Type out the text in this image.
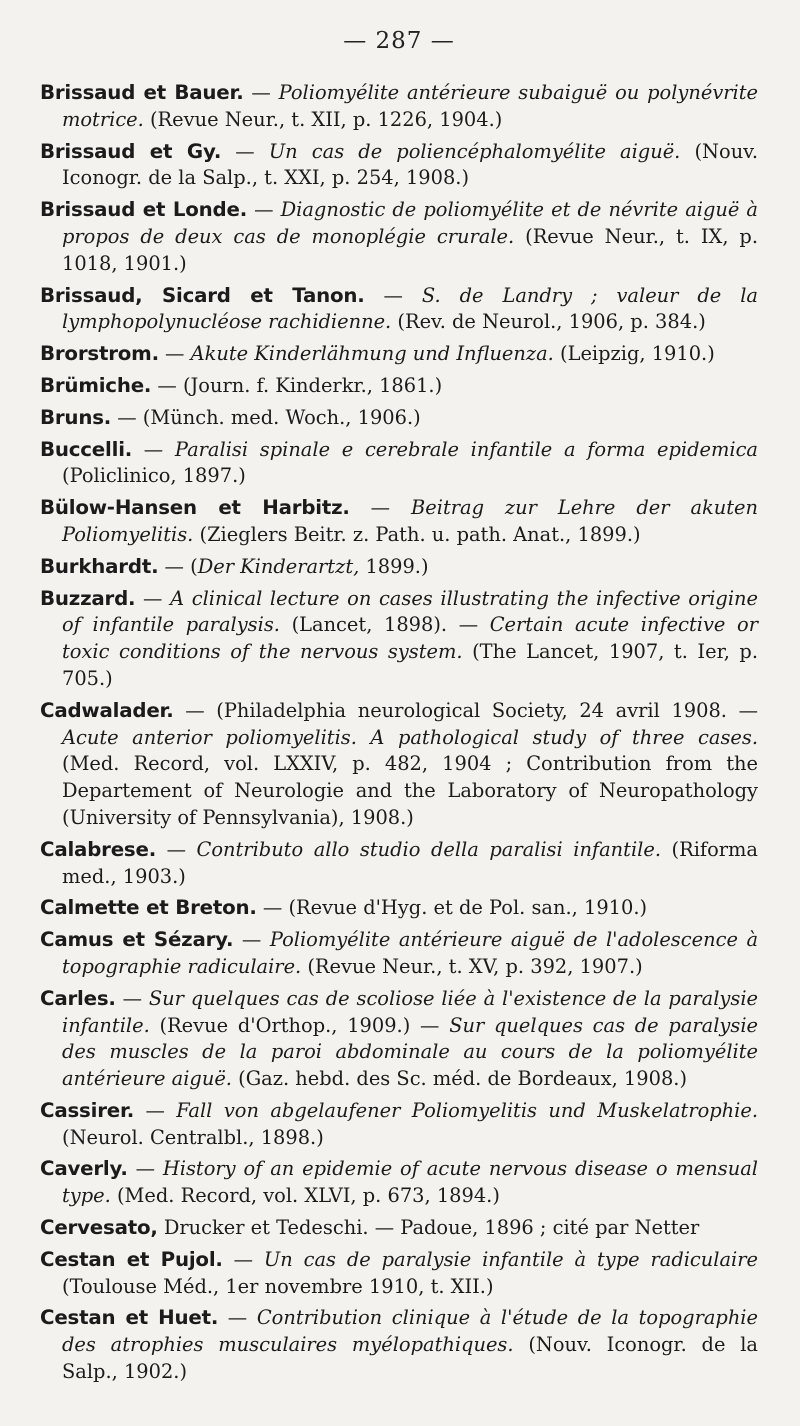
— 287 —

Brissaud et Bauer. — Poliomyélite antérieure subaiguë ou polynévrite motrice. (Revue Neur., t. XII, p. 1226, 1904.)

Brissaud et Gy. — Un cas de poliencéphalomyélite aiguë. (Nouv. Iconogr. de la Salp., t. XXI, p. 254, 1908.)

Brissaud et Londe. — Diagnostic de poliomyélite et de névrite aiguë à propos de deux cas de monoplégie crurale. (Revue Neur., t. IX, p. 1018, 1901.)

Brissaud, Sicard et Tanon. — S. de Landry ; valeur de la lymphopolynucléose rachidienne. (Rev. de Neurol., 1906, p. 384.)

Brorstrom. — Akute Kinderlähmung und Influenza. (Leipzig, 1910.)

Brümiche. — (Journ. f. Kinderkr., 1861.)

Bruns. — (Münch. med. Woch., 1906.)

Buccelli. — Paralisi spinale e cerebrale infantile a forma epidemica (Policlinico, 1897.)

Bülow-Hansen et Harbitz. — Beitrag zur Lehre der akuten Poliomyelitis. (Zieglers Beitr. z. Path. u. path. Anat., 1899.)

Burkhardt. — (Der Kinderartzt, 1899.)

Buzzard. — A clinical lecture on cases illustrating the infective origine of infantile paralysis. (Lancet, 1898). — Certain acute infective or toxic conditions of the nervous system. (The Lancet, 1907, t. Ier, p. 705.)

Cadwalader. — (Philadelphia neurological Society, 24 avril 1908. — Acute anterior poliomyelitis. A pathological study of three cases. (Med. Record, vol. LXXIV, p. 482, 1904 ; Contribution from the Departement of Neurologie and the Laboratory of Neuropathology (University of Pennsylvania), 1908.)

Calabrese. — Contributo allo studio della paralisi infantile. (Riforma med., 1903.)

Calmette et Breton. — (Revue d'Hyg. et de Pol. san., 1910.)

Camus et Sézary. — Poliomyélite antérieure aiguë de l'adolescence à topographie radiculaire. (Revue Neur., t. XV, p. 392, 1907.)

Carles. — Sur quelques cas de scoliose liée à l'existence de la paralysie infantile. (Revue d'Orthop., 1909.) — Sur quelques cas de paralysie des muscles de la paroi abdominale au cours de la poliomyélite antérieure aiguë. (Gaz. hebd. des Sc. méd. de Bordeaux, 1908.)

Cassirer. — Fall von abgelaufener Poliomyelitis und Muskelatrophie. (Neurol. Centralbl., 1898.)

Caverly. — History of an epidemie of acute nervous disease o mensual type. (Med. Record, vol. XLVI, p. 673, 1894.)

Cervesato, Drucker et Tedeschi. — Padoue, 1896 ; cité par Netter

Cestan et Pujol. — Un cas de paralysie infantile à type radiculaire (Toulouse Méd., 1er novembre 1910, t. XII.)

Cestan et Huet. — Contribution clinique à l'étude de la topographie des atrophies musculaires myélopathiques. (Nouv. Iconogr. de la Salp., 1902.)
